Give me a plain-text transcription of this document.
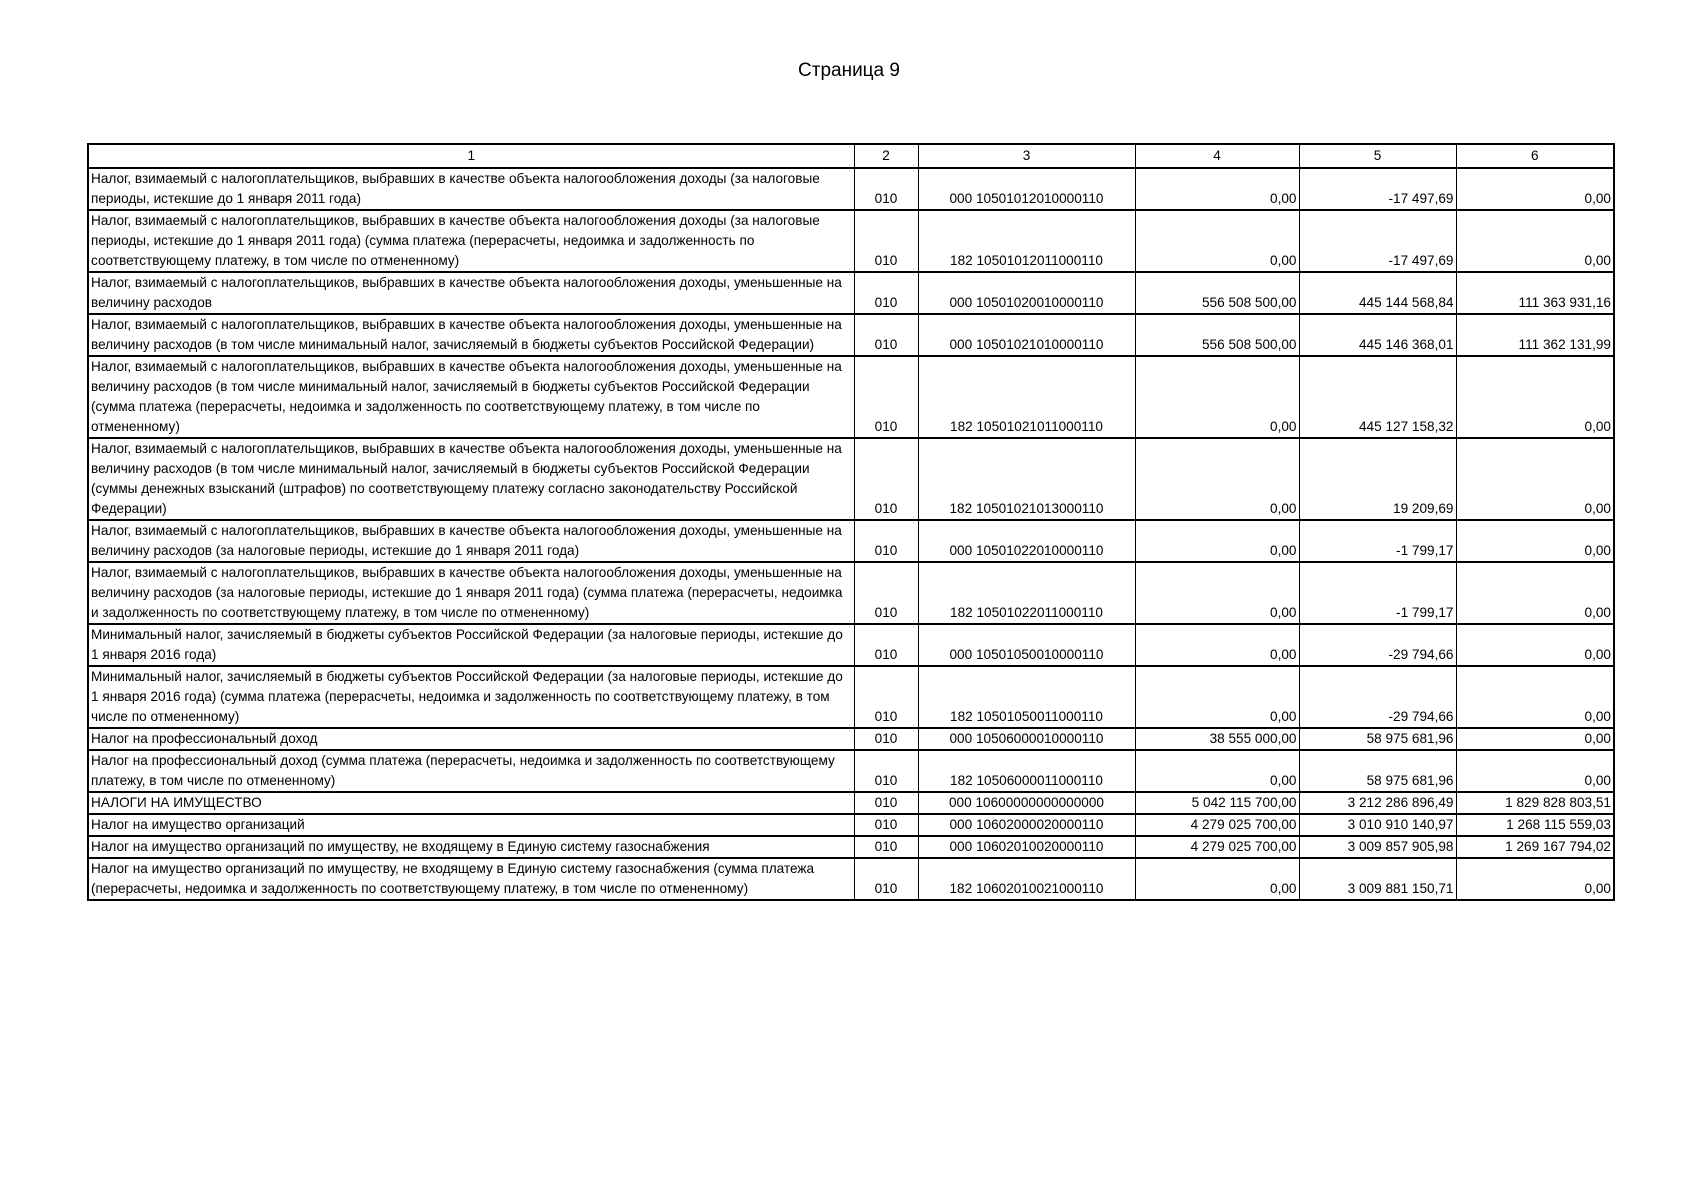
Страница 9
1	2	3	4	5	6
Налог, взимаемый с налогоплательщиков, выбравших в качестве объекта налогообложения доходы (за налоговые периоды, истекшие до 1 января 2011 года)	010	000 10501012010000110	0,00	-17 497,69	0,00
Налог, взимаемый с налогоплательщиков, выбравших в качестве объекта налогообложения доходы (за налоговые периоды, истекшие до 1 января 2011 года) (сумма платежа (перерасчеты, недоимка и задолженность по соответствующему платежу, в том числе по отмененному)	010	182 10501012011000110	0,00	-17 497,69	0,00
Налог, взимаемый с налогоплательщиков, выбравших в качестве объекта налогообложения доходы, уменьшенные на величину расходов	010	000 10501020010000110	556 508 500,00	445 144 568,84	111 363 931,16
Налог, взимаемый с налогоплательщиков, выбравших в качестве объекта налогообложения доходы, уменьшенные на величину расходов (в том числе минимальный налог, зачисляемый в бюджеты субъектов Российской Федерации)	010	000 10501021010000110	556 508 500,00	445 146 368,01	111 362 131,99
Налог, взимаемый с налогоплательщиков, выбравших в качестве объекта налогообложения доходы, уменьшенные на величину расходов (в том числе минимальный налог, зачисляемый в бюджеты субъектов Российской Федерации (сумма платежа (перерасчеты, недоимка и задолженность по соответствующему платежу, в том числе по отмененному)	010	182 10501021011000110	0,00	445 127 158,32	0,00
Налог, взимаемый с налогоплательщиков, выбравших в качестве объекта налогообложения доходы, уменьшенные на величину расходов (в том числе минимальный налог, зачисляемый в бюджеты субъектов Российской Федерации (суммы денежных взысканий (штрафов) по соответствующему платежу согласно законодательству Российской Федерации)	010	182 10501021013000110	0,00	19 209,69	0,00
Налог, взимаемый с налогоплательщиков, выбравших в качестве объекта налогообложения доходы, уменьшенные на величину расходов (за налоговые периоды, истекшие до 1 января 2011 года)	010	000 10501022010000110	0,00	-1 799,17	0,00
Налог, взимаемый с налогоплательщиков, выбравших в качестве объекта налогообложения доходы, уменьшенные на величину расходов (за налоговые периоды, истекшие до 1 января 2011 года) (сумма платежа (перерасчеты, недоимка и задолженность по соответствующему платежу, в том числе по отмененному)	010	182 10501022011000110	0,00	-1 799,17	0,00
Минимальный налог, зачисляемый в бюджеты субъектов Российской Федерации (за налоговые периоды, истекшие до 1 января 2016 года)	010	000 10501050010000110	0,00	-29 794,66	0,00
Минимальный налог, зачисляемый в бюджеты субъектов Российской Федерации (за налоговые периоды, истекшие до 1 января 2016 года) (сумма платежа (перерасчеты, недоимка и задолженность по соответствующему платежу, в том числе по отмененному)	010	182 10501050011000110	0,00	-29 794,66	0,00
Налог на профессиональный доход	010	000 10506000010000110	38 555 000,00	58 975 681,96	0,00
Налог на профессиональный доход (сумма платежа (перерасчеты, недоимка и задолженность по соответствующему платежу, в том числе по отмененному)	010	182 10506000011000110	0,00	58 975 681,96	0,00
НАЛОГИ НА ИМУЩЕСТВО	010	000 10600000000000000	5 042 115 700,00	3 212 286 896,49	1 829 828 803,51
Налог на имущество организаций	010	000 10602000020000110	4 279 025 700,00	3 010 910 140,97	1 268 115 559,03
Налог на имущество организаций по имуществу, не входящему в Единую систему газоснабжения	010	000 10602010020000110	4 279 025 700,00	3 009 857 905,98	1 269 167 794,02
Налог на имущество организаций по имуществу, не входящему в Единую систему газоснабжения (сумма платежа (перерасчеты, недоимка и задолженность по соответствующему платежу, в том числе по отмененному)	010	182 10602010021000110	0,00	3 009 881 150,71	0,00
